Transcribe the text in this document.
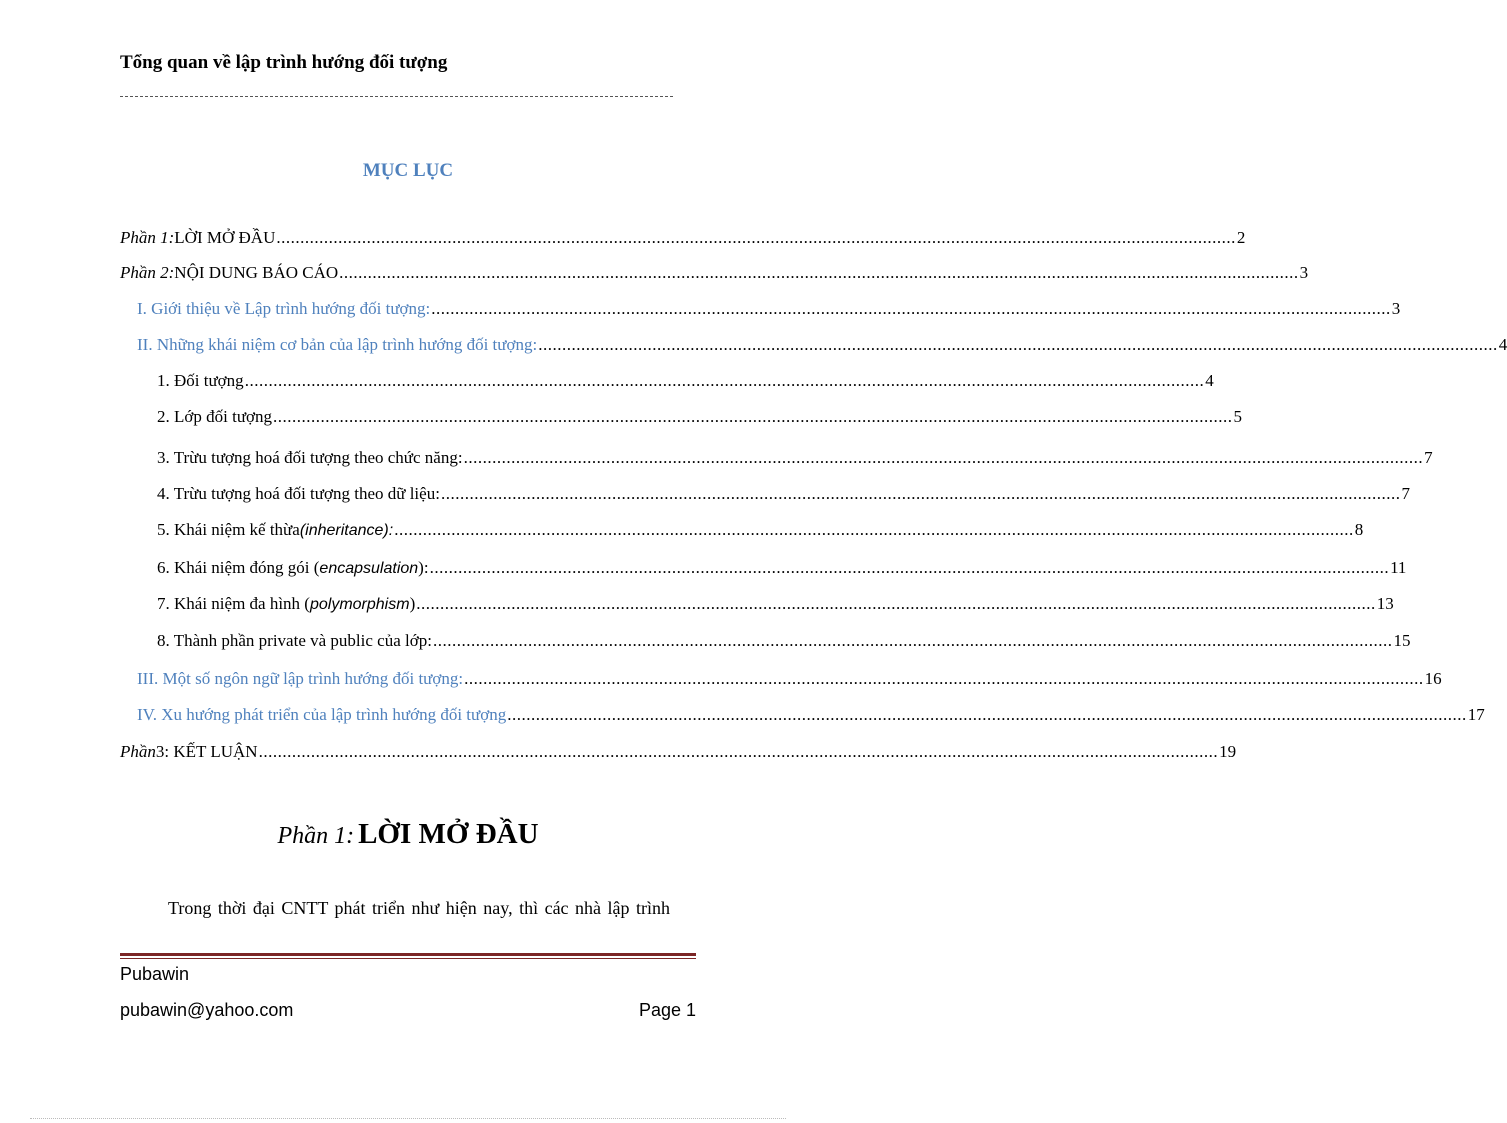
Tổng quan về lập trình hướng đối tượng
MỤC LỤC
Phần 1: LỜI MỞ ĐẦU .......................................................................................................................................................................................................... 2
Phần 2: NỘI DUNG BÁO CÁO .......................................................................................................................................................................................................... 3
I. Giới thiệu về Lập trình hướng đối tượng: .......................................................................................................................................................................................................... 3
II. Những khái niệm cơ bản của lập trình hướng đối tượng: .......................................................................................................................................................................................................... 4
1. Đối tượng .......................................................................................................................................................................................................... 4
2. Lớp đối tượng .......................................................................................................................................................................................................... 5
3. Trừu tượng hoá đối tượng theo chức năng: .......................................................................................................................................................................................................... 7
4. Trừu tượng hoá đối tượng theo dữ liệu: .......................................................................................................................................................................................................... 7
5. Khái niệm kế thừa (inheritance): .......................................................................................................................................................................................................... 8
6. Khái niệm đóng gói ( encapsulation ): .......................................................................................................................................................................................................... 11
7. Khái niệm đa hình ( polymorphism ) .......................................................................................................................................................................................................... 13
8. Thành phần private và public của lớp: .......................................................................................................................................................................................................... 15
III. Một số ngôn ngữ lập trình hướng đối tượng: .......................................................................................................................................................................................................... 16
IV. Xu hướng phát triển của lập trình hướng đối tượng .......................................................................................................................................................................................................... 17
Phần 3: KẾT LUẬN .......................................................................................................................................................................................................... 19
Phần 1: LỜI MỞ ĐẦU
Trong thời đại CNTT phát triển như hiện nay, thì các nhà lập trình
Pubawin
pubawin@yahoo.com	Page 1
